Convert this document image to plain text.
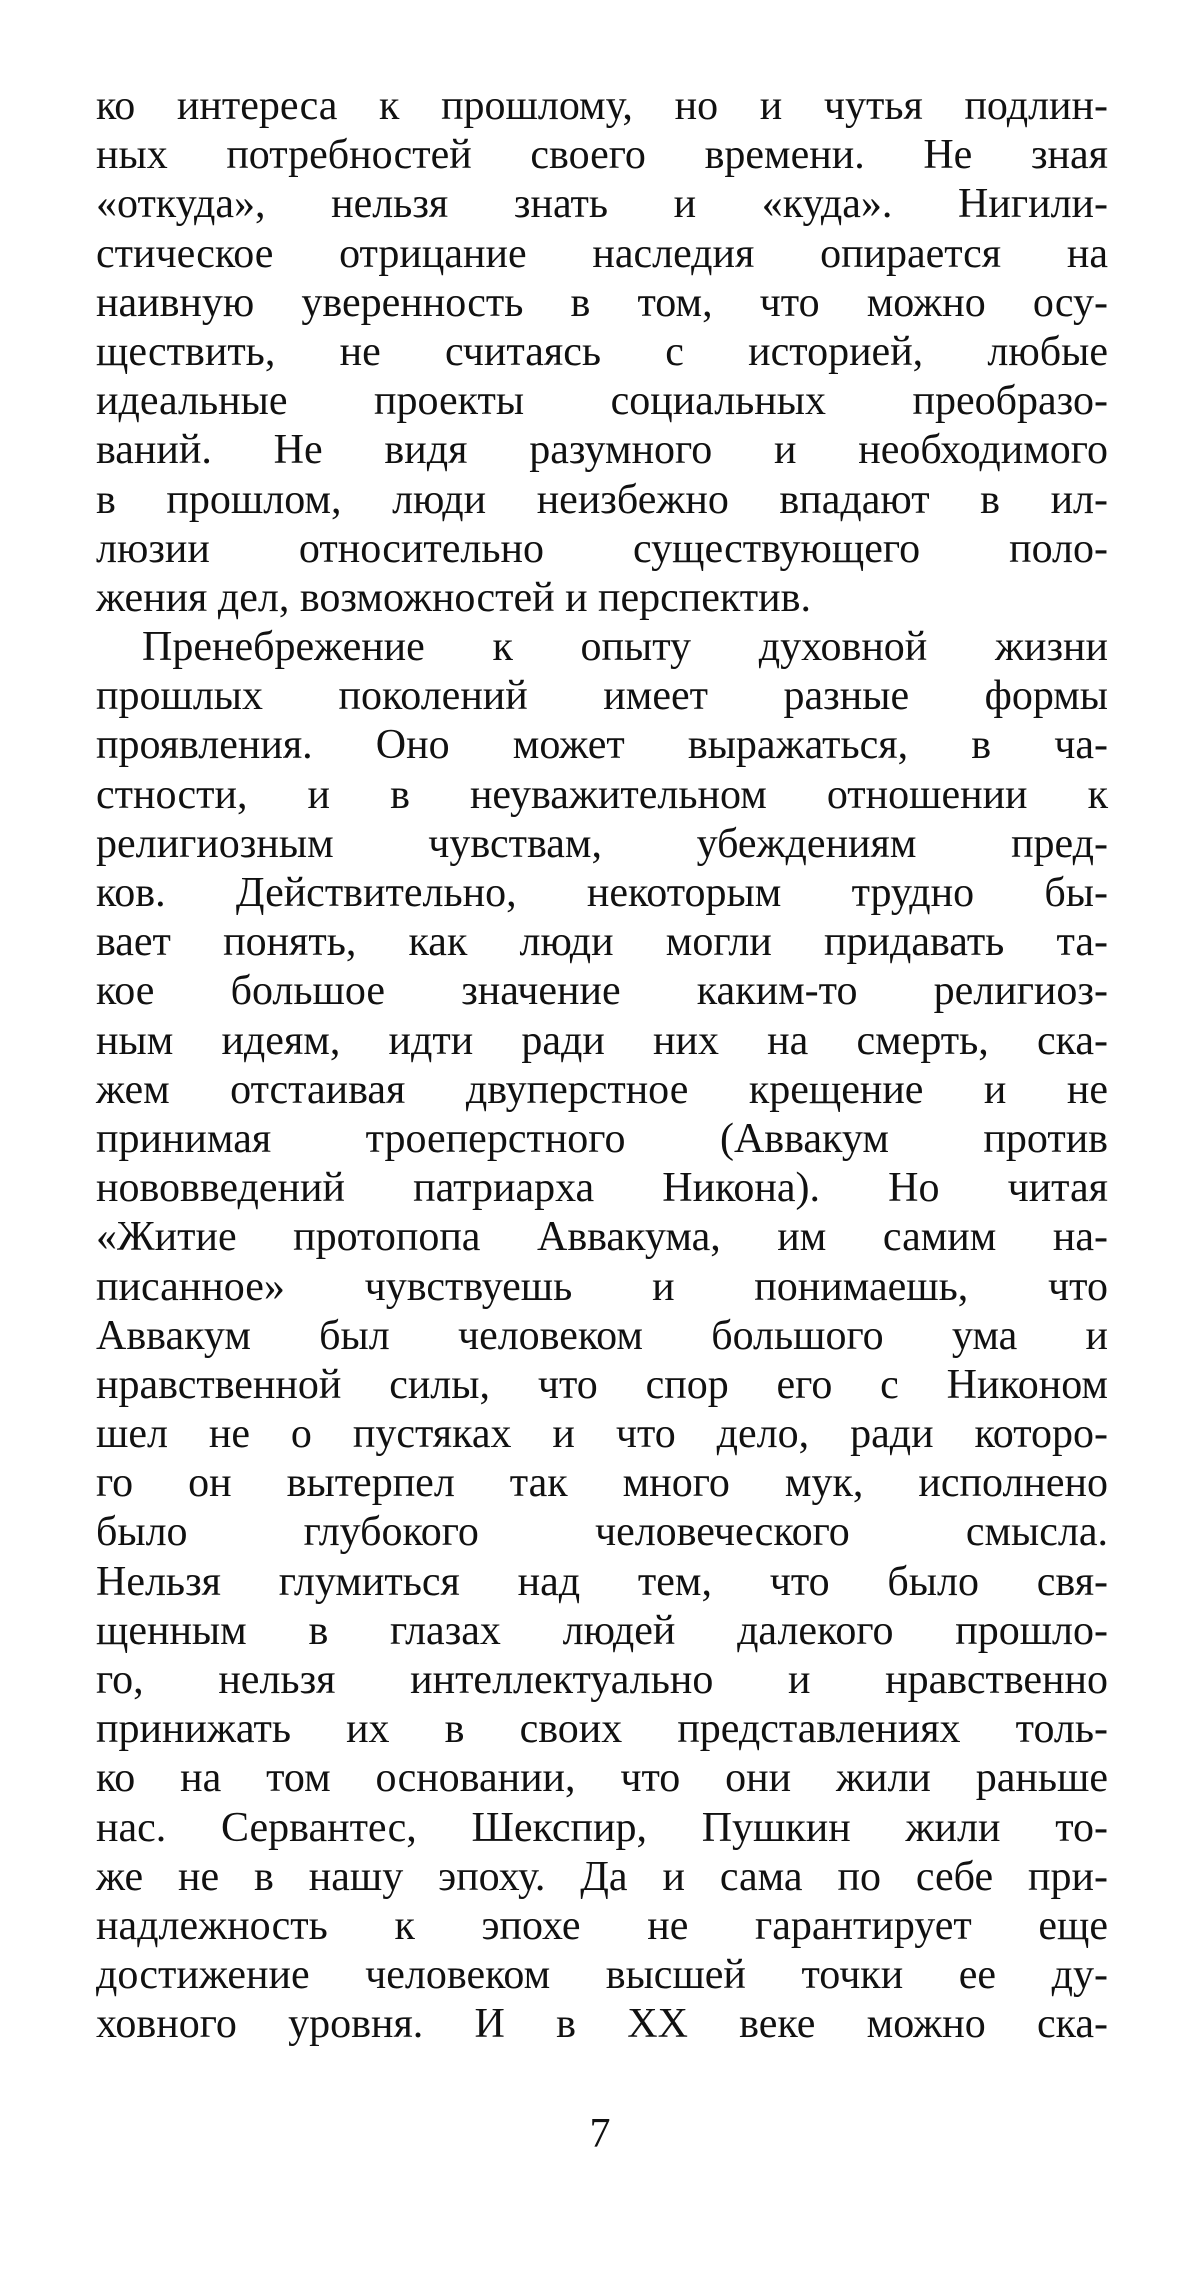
ко интереса к прошлому, но и чутья подлин-
ных потребностей своего времени. Не зная
«откуда», нельзя знать и «куда». Нигили-
стическое отрицание наследия опирается на
наивную уверенность в том, что можно осу-
ществить, не считаясь с историей, любые
идеальные проекты социальных преобразо-
ваний. Не видя разумного и необходимого
в прошлом, люди неизбежно впадают в ил-
люзии относительно существующего поло-
жения дел, возможностей и перспектив.
Пренебрежение к опыту духовной жизни
прошлых поколений имеет разные формы
проявления. Оно может выражаться, в ча-
стности, и в неуважительном отношении к
религиозным чувствам, убеждениям пред-
ков. Действительно, некоторым трудно бы-
вает понять, как люди могли придавать та-
кое большое значение каким-то религиоз-
ным идеям, идти ради них на смерть, ска-
жем отстаивая двуперстное крещение и не
принимая троеперстного (Аввакум против
нововведений патриарха Никона). Но читая
«Житие протопопа Аввакума, им самим на-
писанное» чувствуешь и понимаешь, что
Аввакум был человеком большого ума и
нравственной силы, что спор его с Никоном
шел не о пустяках и что дело, ради которо-
го он вытерпел так много мук, исполнено
было глубокого человеческого смысла.
Нельзя глумиться над тем, что было свя-
щенным в глазах людей далекого прошло-
го, нельзя интеллектуально и нравственно
принижать их в своих представлениях толь-
ко на том основании, что они жили раньше
нас. Сервантес, Шекспир, Пушкин жили то-
же не в нашу эпоху. Да и сама по себе при-
надлежность к эпохе не гарантирует еще
достижение человеком высшей точки ее ду-
ховного уровня. И в XX веке можно ска-
7
